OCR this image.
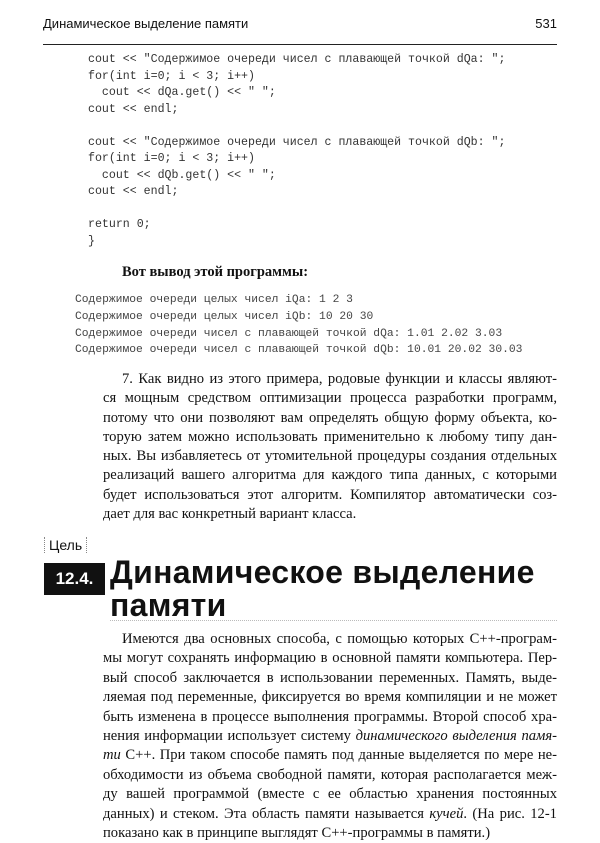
Динамическое выделение памяти	531
cout << "Содержимое очереди чисел с плавающей точкой dQa: ";
for(int i=0; i < 3; i++)
cout << dQa.get() << " ";
cout << endl;
cout << "Содержимое очереди чисел с плавающей точкой dQb: ";
for(int i=0; i < 3; i++)
cout << dQb.get() << " ";
cout << endl;
return 0;
}
Вот вывод этой программы:
Содержимое очереди целых чисел iQa: 1 2 3
Содержимое очереди целых чисел iQb: 10 20 30
Содержимое очереди чисел с плавающей точкой dQa: 1.01 2.02 3.03
Содержимое очереди чисел с плавающей точкой dQb: 10.01 20.02 30.03
7. Как видно из этого примера, родовые функции и классы являют-
ся мощным средством оптимизации процесса разработки программ,
потому что они позволяют вам определять общую форму объекта, ко-
торую затем можно использовать применительно к любому типу дан-
ных. Вы избавляетесь от утомительной процедуры создания отдельных
реализаций вашего алгоритма для каждого типа данных, с которыми
будет использоваться этот алгоритм. Компилятор автоматически соз-
дает для вас конкретный вариант класса.
Цель
12.4. Динамическое выделение
памяти
Имеются два основных способа, с помощью которых C++-програм-
мы могут сохранять информацию в основной памяти компьютера. Пер-
вый способ заключается в использовании переменных. Память, выде-
ляемая под переменные, фиксируется во время компиляции и не может
быть изменена в процессе выполнения программы. Второй способ хра-
нения информации использует систему динамического выделения памя-
ти C++. При таком способе память под данные выделяется по мере не-
обходимости из объема свободной памяти, которая располагается меж-
ду вашей программой (вместе с ее областью хранения постоянных
данных) и стеком. Эта область памяти называется кучей. (На рис. 12-1
показано как в принципе выглядят C++-программы в памяти.)
